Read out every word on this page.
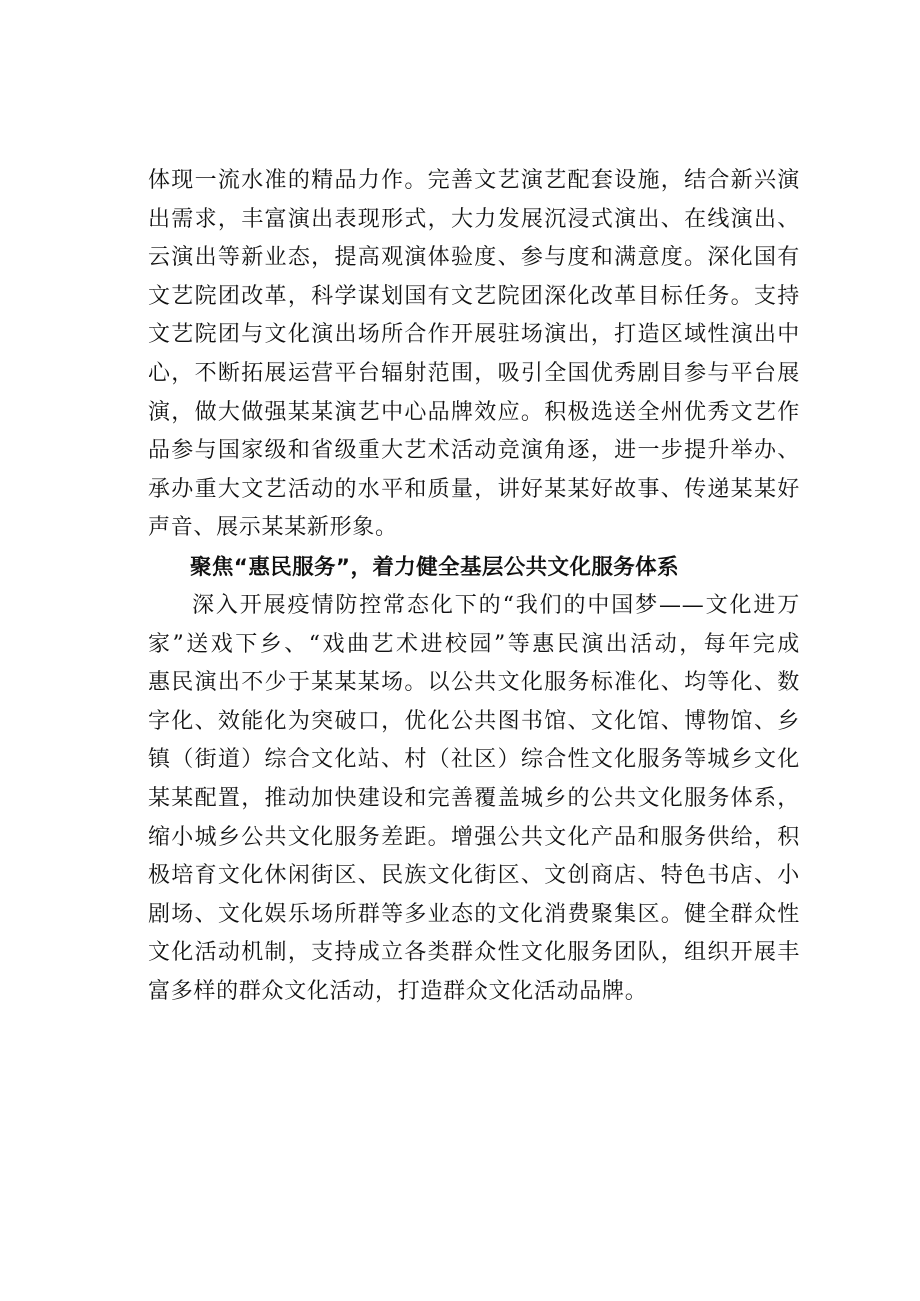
体现一流水准的精品力作。完善文艺演艺配套设施，结合新兴演
出需求，丰富演出表现形式，大力发展沉浸式演出、在线演出、
云演出等新业态，提高观演体验度、参与度和满意度。深化国有
文艺院团改革，科学谋划国有文艺院团深化改革目标任务。支持
文艺院团与文化演出场所合作开展驻场演出，打造区域性演出中
心，不断拓展运营平台辐射范围，吸引全国优秀剧目参与平台展
演，做大做强某某演艺中心品牌效应。积极选送全州优秀文艺作
品参与国家级和省级重大艺术活动竞演角逐，进一步提升举办、
承办重大文艺活动的水平和质量，讲好某某好故事、传递某某好
声音、展示某某新形象。
聚焦“惠民服务”，着力健全基层公共文化服务体系
深入开展疫情防控常态化下的“我们的中国梦——文化进万
家”送戏下乡、“戏曲艺术进校园”等惠民演出活动，每年完成
惠民演出不少于某某某场。以公共文化服务标准化、均等化、数
字化、效能化为突破口，优化公共图书馆、文化馆、博物馆、乡
镇（街道）综合文化站、村（社区）综合性文化服务等城乡文化
某某配置，推动加快建设和完善覆盖城乡的公共文化服务体系，
缩小城乡公共文化服务差距。增强公共文化产品和服务供给，积
极培育文化休闲街区、民族文化街区、文创商店、特色书店、小
剧场、文化娱乐场所群等多业态的文化消费聚集区。健全群众性
文化活动机制，支持成立各类群众性文化服务团队，组织开展丰
富多样的群众文化活动，打造群众文化活动品牌。
